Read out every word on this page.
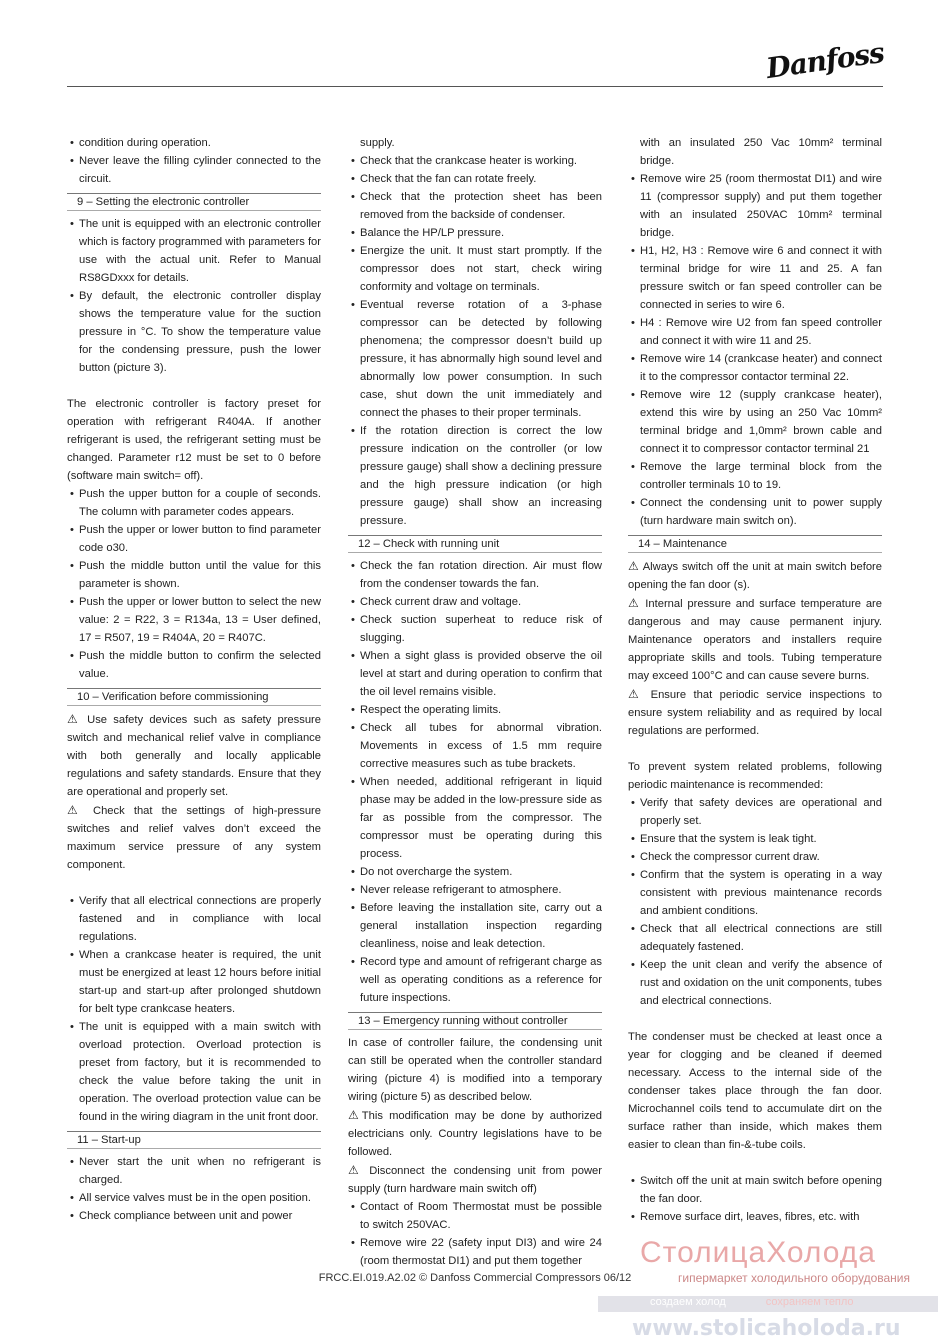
Danfoss
• condition during operation.
• Never leave the filling cylinder connected to the circuit.
9 – Setting the electronic controller
• The unit is equipped with an electronic controller which is factory programmed with parameters for use with the actual unit. Refer to Manual RS8GDxxx for details.
• By default, the electronic controller display shows the temperature value for the suction pressure in °C. To show the temperature value for the condensing pressure, push the lower button (picture 3).

The electronic controller is factory preset for operation with refrigerant R404A. If another refrigerant is used, the refrigerant setting must be changed. Parameter r12 must be set to 0 before (software main switch= off).

• Push the upper button for a couple of seconds. The column with parameter codes appears.
• Push the upper or lower button to find parameter code o30.
• Push the middle button until the value for this parameter is shown.
• Push the upper or lower button to select the new value: 2 = R22, 3 = R134a, 13 = User defined, 17 = R507, 19 = R404A, 20 = R407C.
• Push the middle button to confirm the selected value.
10 – Verification before commissioning

⚠ Use safety devices such as safety pressure switch and mechanical relief valve in compliance with both generally and locally applicable regulations and safety standards. Ensure that they are operational and properly set.

⚠ Check that the settings of high-pressure switches and relief valves don’t exceed the maximum service pressure of any system component.

• Verify that all electrical connections are properly fastened and in compliance with local regulations.
• When a crankcase heater is required, the unit must be energized at least 12 hours before initial start-up and start-up after prolonged shutdown for belt type crankcase heaters.
• The unit is equipped with a main switch with overload protection. Overload protection is preset from factory, but it is recommended to check the value before taking the unit in operation. The overload protection value can be found in the wiring diagram in the unit front door.
11 – Start-up
• Never start the unit when no refrigerant is charged.
• All service valves must be in the open position.
• Check compliance between unit and power
supply.
• Check that the crankcase heater is working.
• Check that the fan can rotate freely.
• Check that the protection sheet has been removed from the backside of condenser.
• Balance the HP/LP pressure.
• Energize the unit. It must start promptly. If the compressor does not start, check wiring conformity and voltage on terminals.
• Eventual reverse rotation of a 3-phase compressor can be detected by following phenomena; the compressor doesn’t build up pressure, it has abnormally high sound level and abnormally low power consumption. In such case, shut down the unit immediately and connect the phases to their proper terminals.
• If the rotation direction is correct the low pressure indication on the controller (or low pressure gauge) shall show a declining pressure and the high pressure indication (or high pressure gauge) shall show an increasing pressure.
12 – Check with running unit
• Check the fan rotation direction. Air must flow from the condenser towards the fan.
• Check current draw and voltage.
• Check suction superheat to reduce risk of slugging.
• When a sight glass is provided observe the oil level at start and during operation to confirm that the oil level remains visible.
• Respect the operating limits.
• Check all tubes for abnormal vibration. Movements in excess of 1.5 mm require corrective measures such as tube brackets.
• When needed, additional refrigerant in liquid phase may be added in the low-pressure side as far as possible from the compressor. The compressor must be operating during this process.
• Do not overcharge the system.
• Never release refrigerant to atmosphere.
• Before leaving the installation site, carry out a general installation inspection regarding cleanliness, noise and leak detection.
• Record type and amount of refrigerant charge as well as operating conditions as a reference for future inspections.
13 – Emergency running without controller

In case of controller failure, the condensing unit can still be operated when the controller standard wiring (picture 4) is modified into a temporary wiring (picture 5) as described below.

⚠This modification may be done by authorized electricians only. Country legislations have to be followed.

⚠ Disconnect the condensing unit from power supply (turn hardware main switch off)

• Contact of Room Thermostat must be possible to switch 250VAC.
• Remove wire 22 (safety input DI3) and wire 24 (room thermostat DI1) and put them together
with an insulated 250 Vac 10mm² terminal bridge.
• Remove wire 25 (room thermostat DI1) and wire 11 (compressor supply) and put them together with an insulated 250VAC 10mm² terminal bridge.
• H1, H2, H3 : Remove wire 6 and connect it with terminal bridge for wire 11 and 25. A fan pressure switch or fan speed controller can be connected in series to wire 6.
• H4 : Remove wire U2 from fan speed controller and connect it with wire 11 and 25.
• Remove wire 14 (crankcase heater) and connect it to the compressor contactor terminal 22.
• Remove wire 12 (supply crankcase heater), extend this wire by using an 250 Vac 10mm² terminal bridge and 1,0mm² brown cable and connect it to compressor contactor terminal 21
• Remove the large terminal block from the controller terminals 10 to 19.
• Connect the condensing unit to power supply (turn hardware main switch on).
14 – Maintenance

⚠ Always switch off the unit at main switch before opening the fan door (s).

⚠ Internal pressure and surface temperature are dangerous and may cause permanent injury. Maintenance operators and installers require appropriate skills and tools. Tubing temperature may exceed 100°C and can cause severe burns.

⚠ Ensure that periodic service inspections to ensure system reliability and as required by local regulations are performed.

To prevent system related problems, following periodic maintenance is recommended:

• Verify that safety devices are operational and properly set.
• Ensure that the system is leak tight.
• Check the compressor current draw.
• Confirm that the system is operating in a way consistent with previous maintenance records and ambient conditions.
• Check that all electrical connections are still adequately fastened.
• Keep the unit clean and verify the absence of rust and oxidation on the unit components, tubes and electrical connections.

The condenser must be checked at least once a year for clogging and be cleaned if deemed necessary. Access to the internal side of the condenser takes place through the fan door. Microchannel coils tend to accumulate dirt on the surface rather than inside, which makes them easier to clean than fin-&-tube coils.

• Switch off the unit at main switch before opening the fan door.
• Remove surface dirt, leaves, fibres, etc. with
FRCC.EI.019.A2.02 © Danfoss Commercial Compressors 06/12
СтолицаХолода
гипермаркет холодильного оборудования
создаем холод	сохраняем тепло
www.stolicaholoda.ru
